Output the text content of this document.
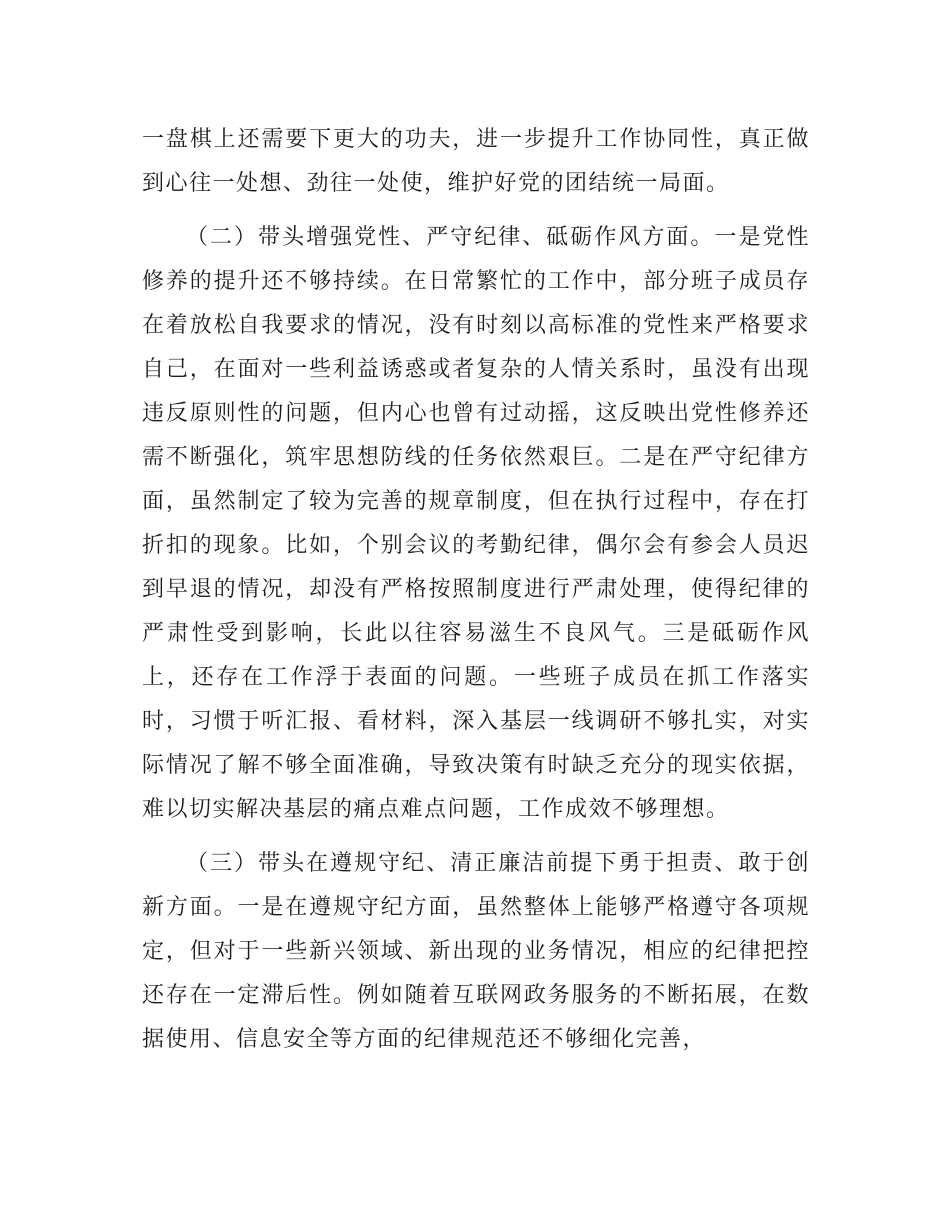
一盘棋上还需要下更大的功夫，进一步提升工作协同性，真正做到心往一处想、劲往一处使，维护好党的团结统一局面。

（二）带头增强党性、严守纪律、砥砺作风方面。一是党性修养的提升还不够持续。在日常繁忙的工作中，部分班子成员存在着放松自我要求的情况，没有时刻以高标准的党性来严格要求自己，在面对一些利益诱惑或者复杂的人情关系时，虽没有出现违反原则性的问题，但内心也曾有过动摇，这反映出党性修养还需不断强化，筑牢思想防线的任务依然艰巨。二是在严守纪律方面，虽然制定了较为完善的规章制度，但在执行过程中，存在打折扣的现象。比如，个别会议的考勤纪律，偶尔会有参会人员迟到早退的情况，却没有严格按照制度进行严肃处理，使得纪律的严肃性受到影响，长此以往容易滋生不良风气。三是砥砺作风上，还存在工作浮于表面的问题。一些班子成员在抓工作落实时，习惯于听汇报、看材料，深入基层一线调研不够扎实，对实际情况了解不够全面准确，导致决策有时缺乏充分的现实依据，难以切实解决基层的痛点难点问题，工作成效不够理想。

（三）带头在遵规守纪、清正廉洁前提下勇于担责、敢于创新方面。一是在遵规守纪方面，虽然整体上能够严格遵守各项规定，但对于一些新兴领域、新出现的业务情况，相应的纪律把控还存在一定滞后性。例如随着互联网政务服务的不断拓展，在数据使用、信息安全等方面的纪律规范还不够细化完善，
